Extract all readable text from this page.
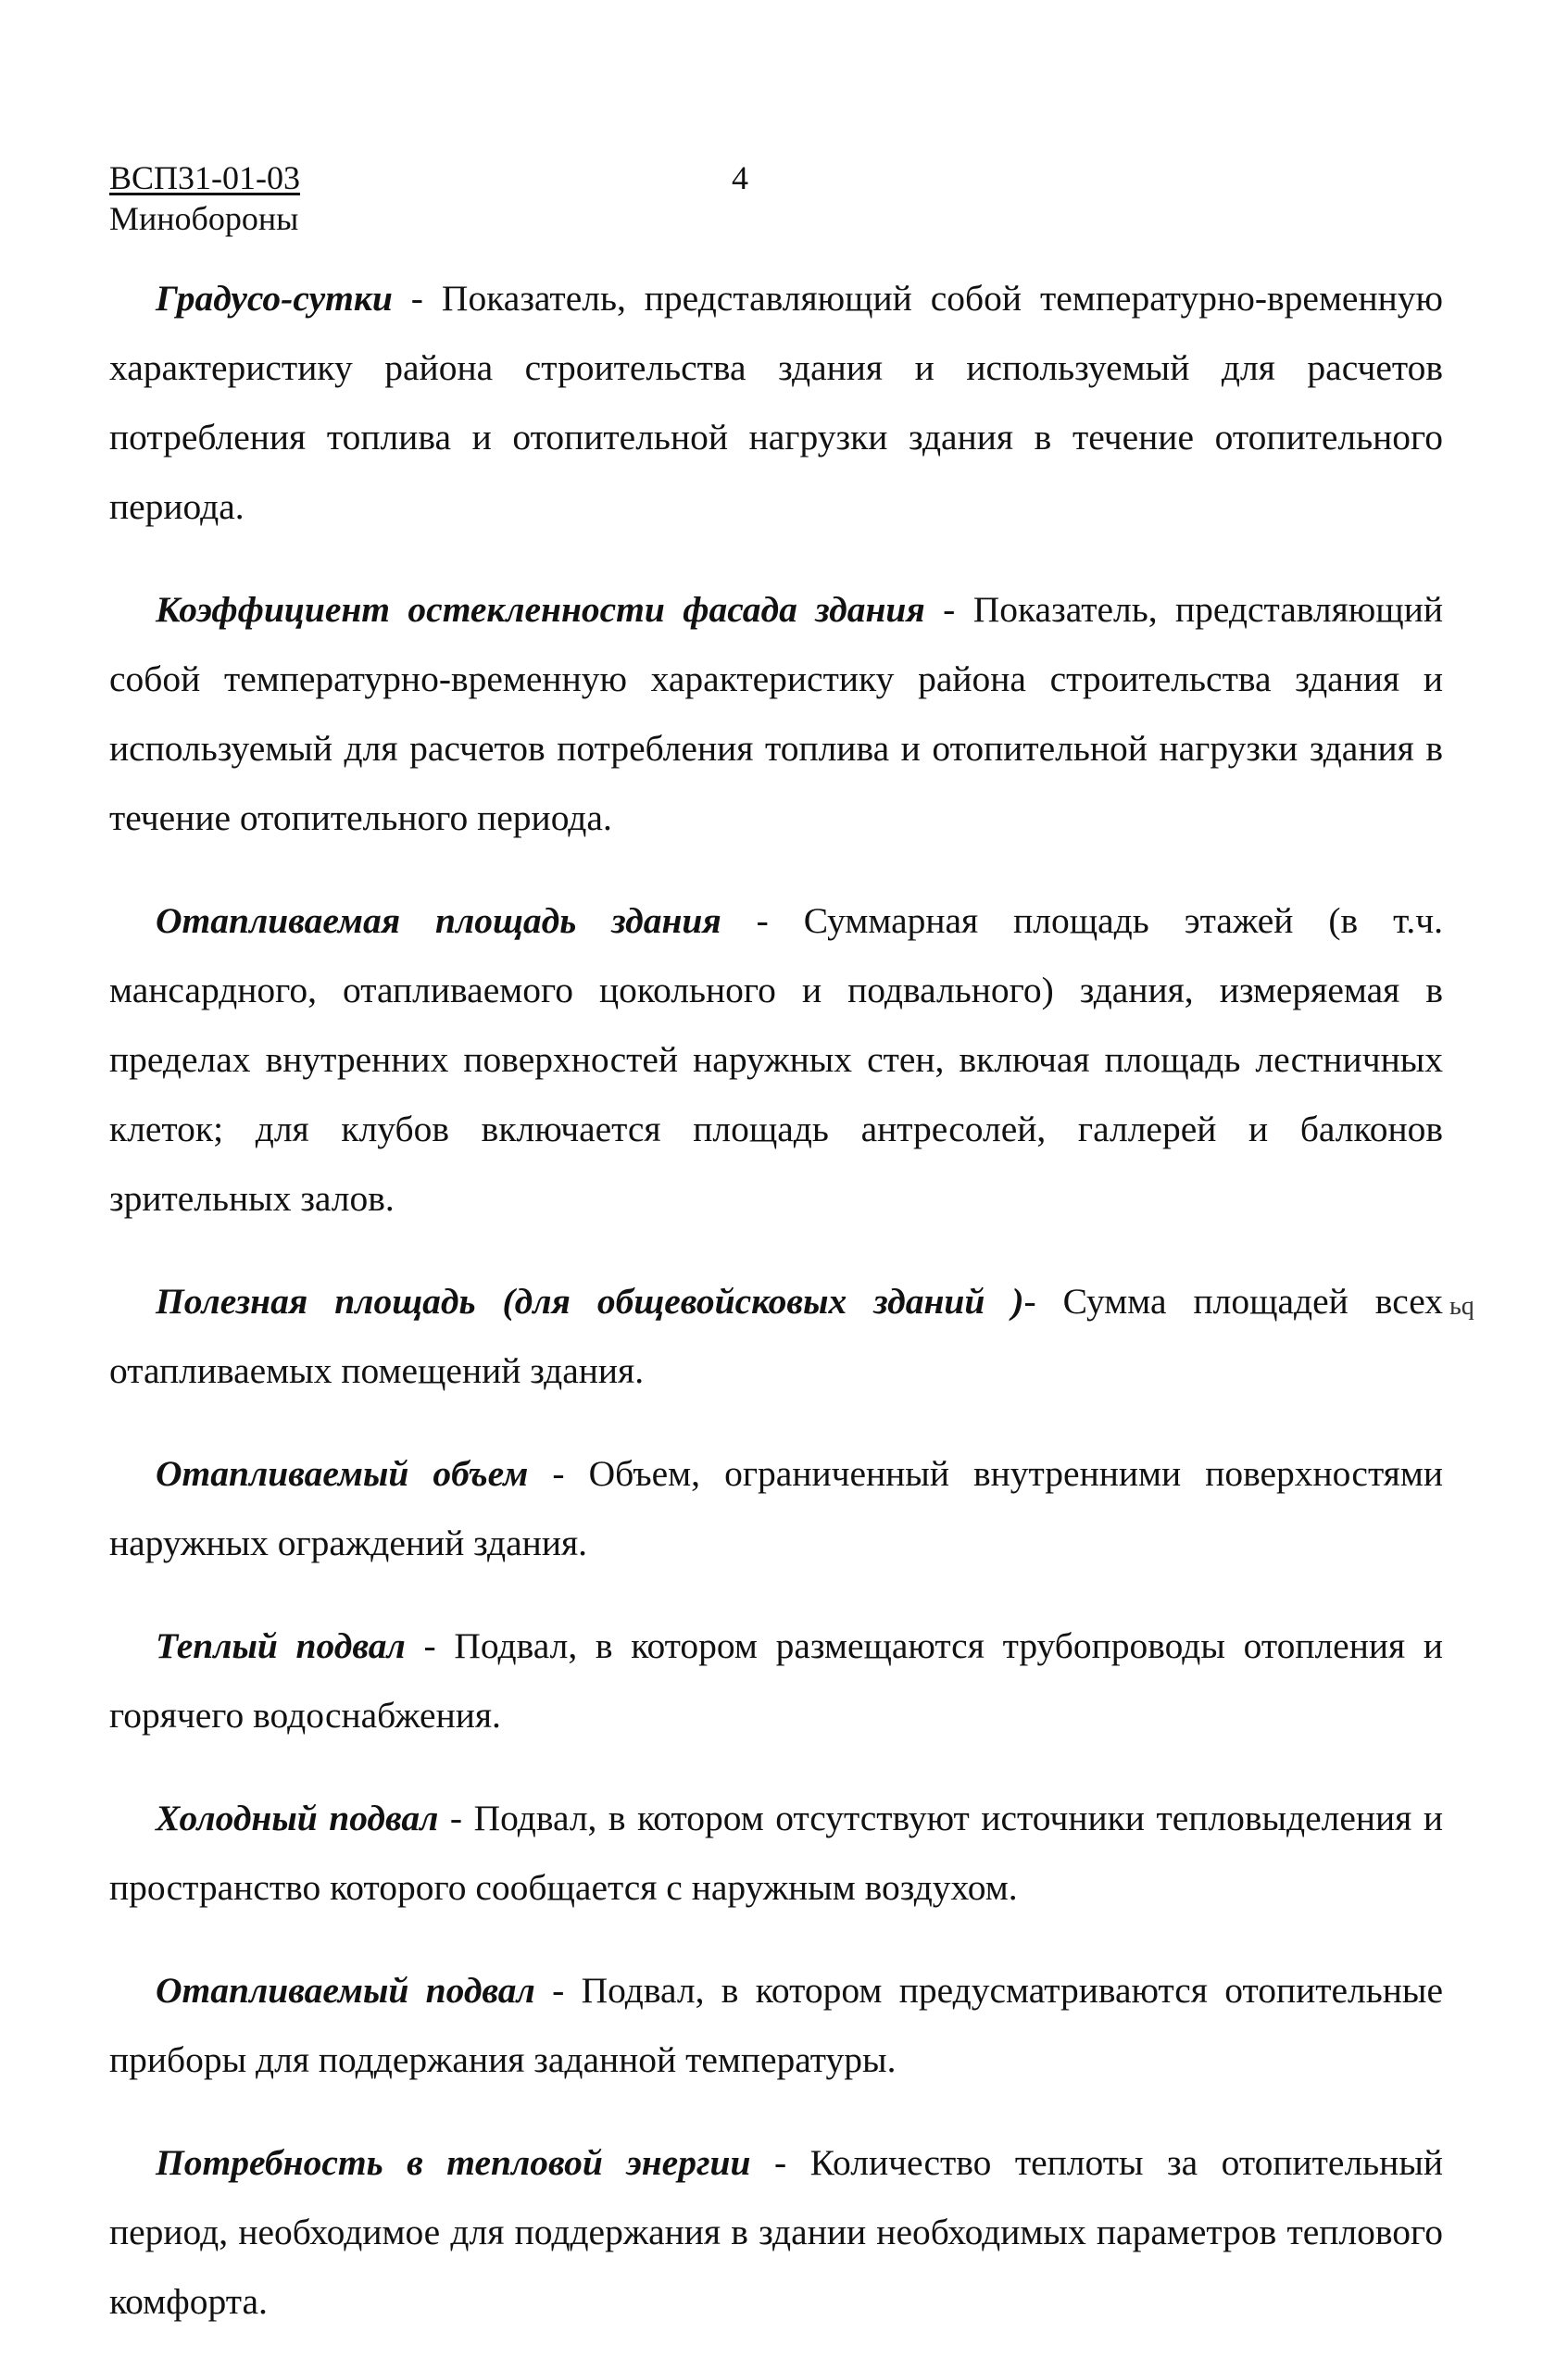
ВСП31-01-03
Минобороны
4

Градусо-сутки - Показатель, представляющий собой температурно-временную характеристику района строительства здания и используемый для расчетов потребления топлива и отопительной нагрузки здания в течение отопительного периода.

Коэффициент остекленности фасада здания - Показатель, представляющий собой температурно-временную характеристику района строительства здания и используемый для расчетов потребления топлива и отопительной нагрузки здания в течение отопительного периода.

Отапливаемая площадь здания - Суммарная площадь этажей (в т.ч. мансардного, отапливаемого цокольного и подвального) здания, измеряемая в пределах внутренних поверхностей наружных стен, включая площадь лестничных клеток; для клубов включается площадь антресолей, галлерей и балконов зрительных залов.

Полезная площадь (для общевойсковых зданий )- Сумма площадей всех отапливаемых помещений здания.

Отапливаемый объем - Объем, ограниченный внутренними поверхностями наружных ограждений здания.

Теплый подвал - Подвал, в котором размещаются трубопроводы отопления и горячего водоснабжения.

Холодный подвал - Подвал, в котором отсутствуют источники тепловыделения и пространство которого сообщается с наружным воздухом.

Отапливаемый подвал - Подвал, в котором предусматриваются отопительные приборы для поддержания заданной температуры.

Потребность в тепловой энергии - Количество теплоты за отопительный период, необходимое для поддержания в здании необходимых параметров теплового комфорта.

ьq
